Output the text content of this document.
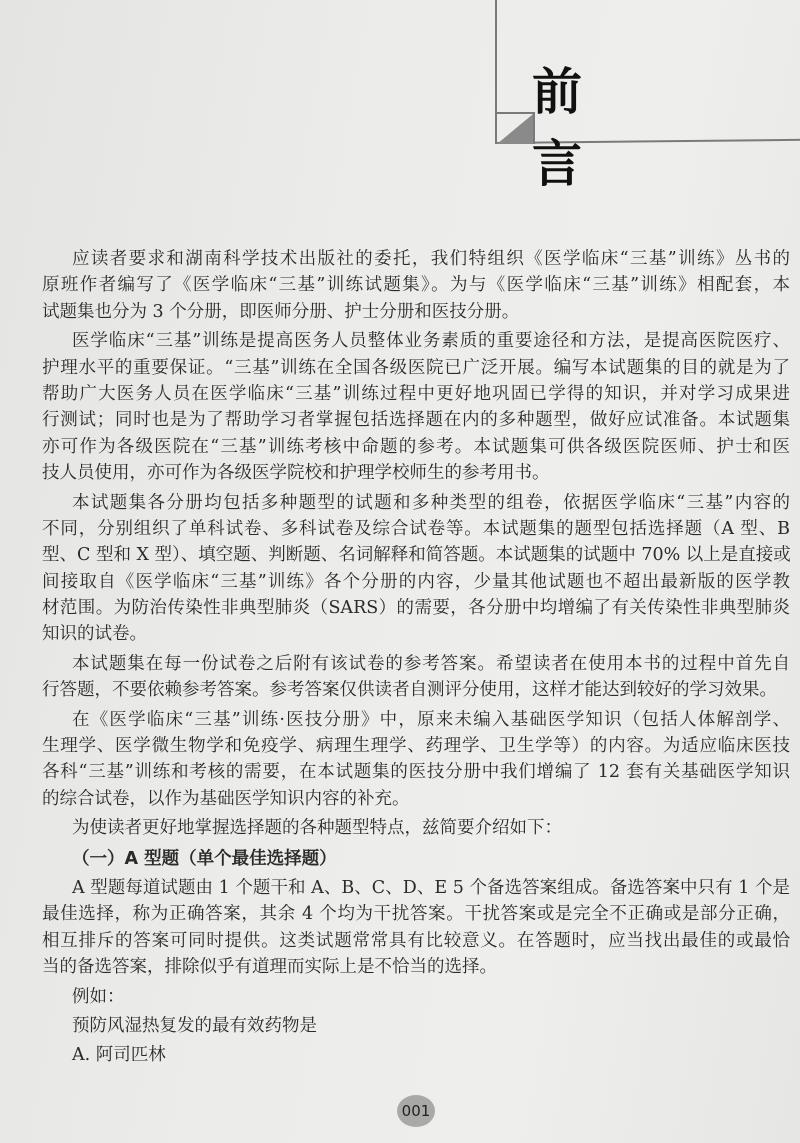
前 言
应读者要求和湖南科学技术出版社的委托，我们特组织《医学临床“三基”训练》丛书的
原班作者编写了《医学临床“三基”训练试题集》。为与《医学临床“三基”训练》相配套，本
试题集也分为 3 个分册，即医师分册、护士分册和医技分册。
医学临床“三基”训练是提高医务人员整体业务素质的重要途径和方法，是提高医院医疗、
护理水平的重要保证。“三基”训练在全国各级医院已广泛开展。编写本试题集的目的就是为了
帮助广大医务人员在医学临床“三基”训练过程中更好地巩固已学得的知识，并对学习成果进
行测试；同时也是为了帮助学习者掌握包括选择题在内的多种题型，做好应试准备。本试题集
亦可作为各级医院在“三基”训练考核中命题的参考。本试题集可供各级医院医师、护士和医
技人员使用，亦可作为各级医学院校和护理学校师生的参考用书。
本试题集各分册均包括多种题型的试题和多种类型的组卷，依据医学临床“三基”内容的
不同，分别组织了单科试卷、多科试卷及综合试卷等。本试题集的题型包括选择题（A 型、B
型、C 型和 X 型）、填空题、判断题、名词解释和简答题。本试题集的试题中 70% 以上是直接或
间接取自《医学临床“三基”训练》各个分册的内容，少量其他试题也不超出最新版的医学教
材范围。为防治传染性非典型肺炎（SARS）的需要，各分册中均增编了有关传染性非典型肺炎
知识的试卷。
本试题集在每一份试卷之后附有该试卷的参考答案。希望读者在使用本书的过程中首先自
行答题，不要依赖参考答案。参考答案仅供读者自测评分使用，这样才能达到较好的学习效果。
在《医学临床“三基”训练·医技分册》中，原来未编入基础医学知识（包括人体解剖学、
生理学、医学微生物学和免疫学、病理生理学、药理学、卫生学等）的内容。为适应临床医技
各科“三基”训练和考核的需要，在本试题集的医技分册中我们增编了 12 套有关基础医学知识
的综合试卷，以作为基础医学知识内容的补充。
为使读者更好地掌握选择题的各种题型特点，兹简要介绍如下：
（一）A 型题（单个最佳选择题）
A 型题每道试题由 1 个题干和 A、B、C、D、E 5 个备选答案组成。备选答案中只有 1 个是
最佳选择，称为正确答案，其余 4 个均为干扰答案。干扰答案或是完全不正确或是部分正确，
相互排斥的答案可同时提供。这类试题常常具有比较意义。在答题时，应当找出最佳的或最恰
当的备选答案，排除似乎有道理而实际上是不恰当的选择。
例如：
预防风湿热复发的最有效药物是
A. 阿司匹林
001
